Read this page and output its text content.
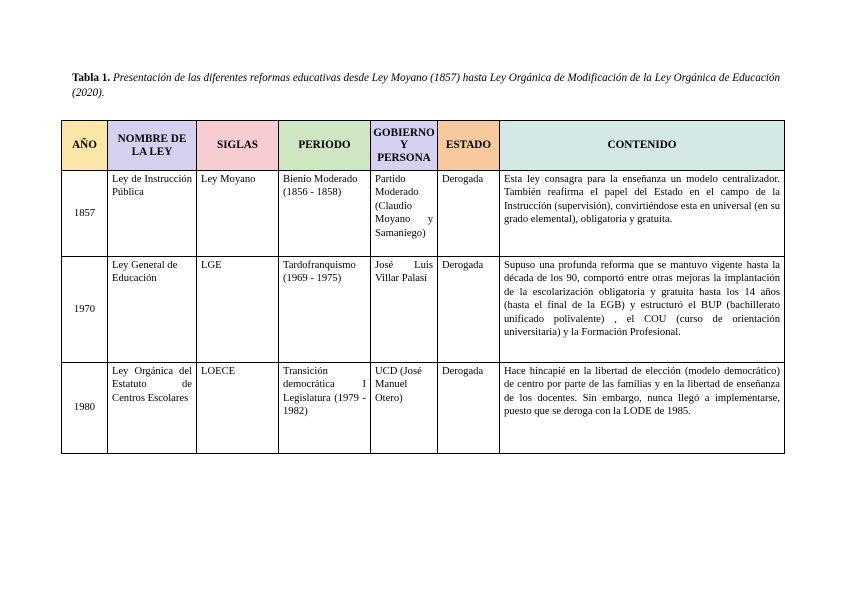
Tabla 1. Presentación de las diferentes reformas educativas desde Ley Moyano (1857) hasta Ley Orgánica de Modificación de la Ley Orgánica de Educación (2020).

AÑO	NOMBRE DE LA LEY	SIGLAS	PERIODO	GOBIERNO Y PERSONA	ESTADO	CONTENIDO
1857	Ley de Instrucción Pública	Ley Moyano	Bienio Moderado (1856 - 1858)	Partido Moderado (Claudio Moyano y Samaniego)	Derogada	Esta ley consagra para la enseñanza un modelo centralizador. También reafirma el papel del Estado en el campo de la Instrucción (supervisión), convirtiéndose esta en universal (en su grado elemental), obligatoria y gratuita.
1970	Ley General de Educación	LGE	Tardofranquismo (1969 - 1975)	José Luis Villar Palasí	Derogada	Supuso una profunda reforma que se mantuvo vigente hasta la década de los 90, comportó entre otras mejoras la implantación de la escolarización obligatoria y gratuita hasta los 14 años (hasta el final de la EGB) y estructuró el BUP (bachillerato unificado polivalente) , el COU (curso de orientación universitaria) y la Formación Profesional.
1980	Ley Orgánica del Estatuto de Centros Escolares	LOECE	Transición democrática I Legislatura (1979 - 1982)	UCD (José Manuel Otero)	Derogada	Hace hincapié en la libertad de elección (modelo democrático) de centro por parte de las familias y en la libertad de enseñanza de los docentes. Sin embargo, nunca llegó a implementarse, puesto que se deroga con la LODE de 1985.
